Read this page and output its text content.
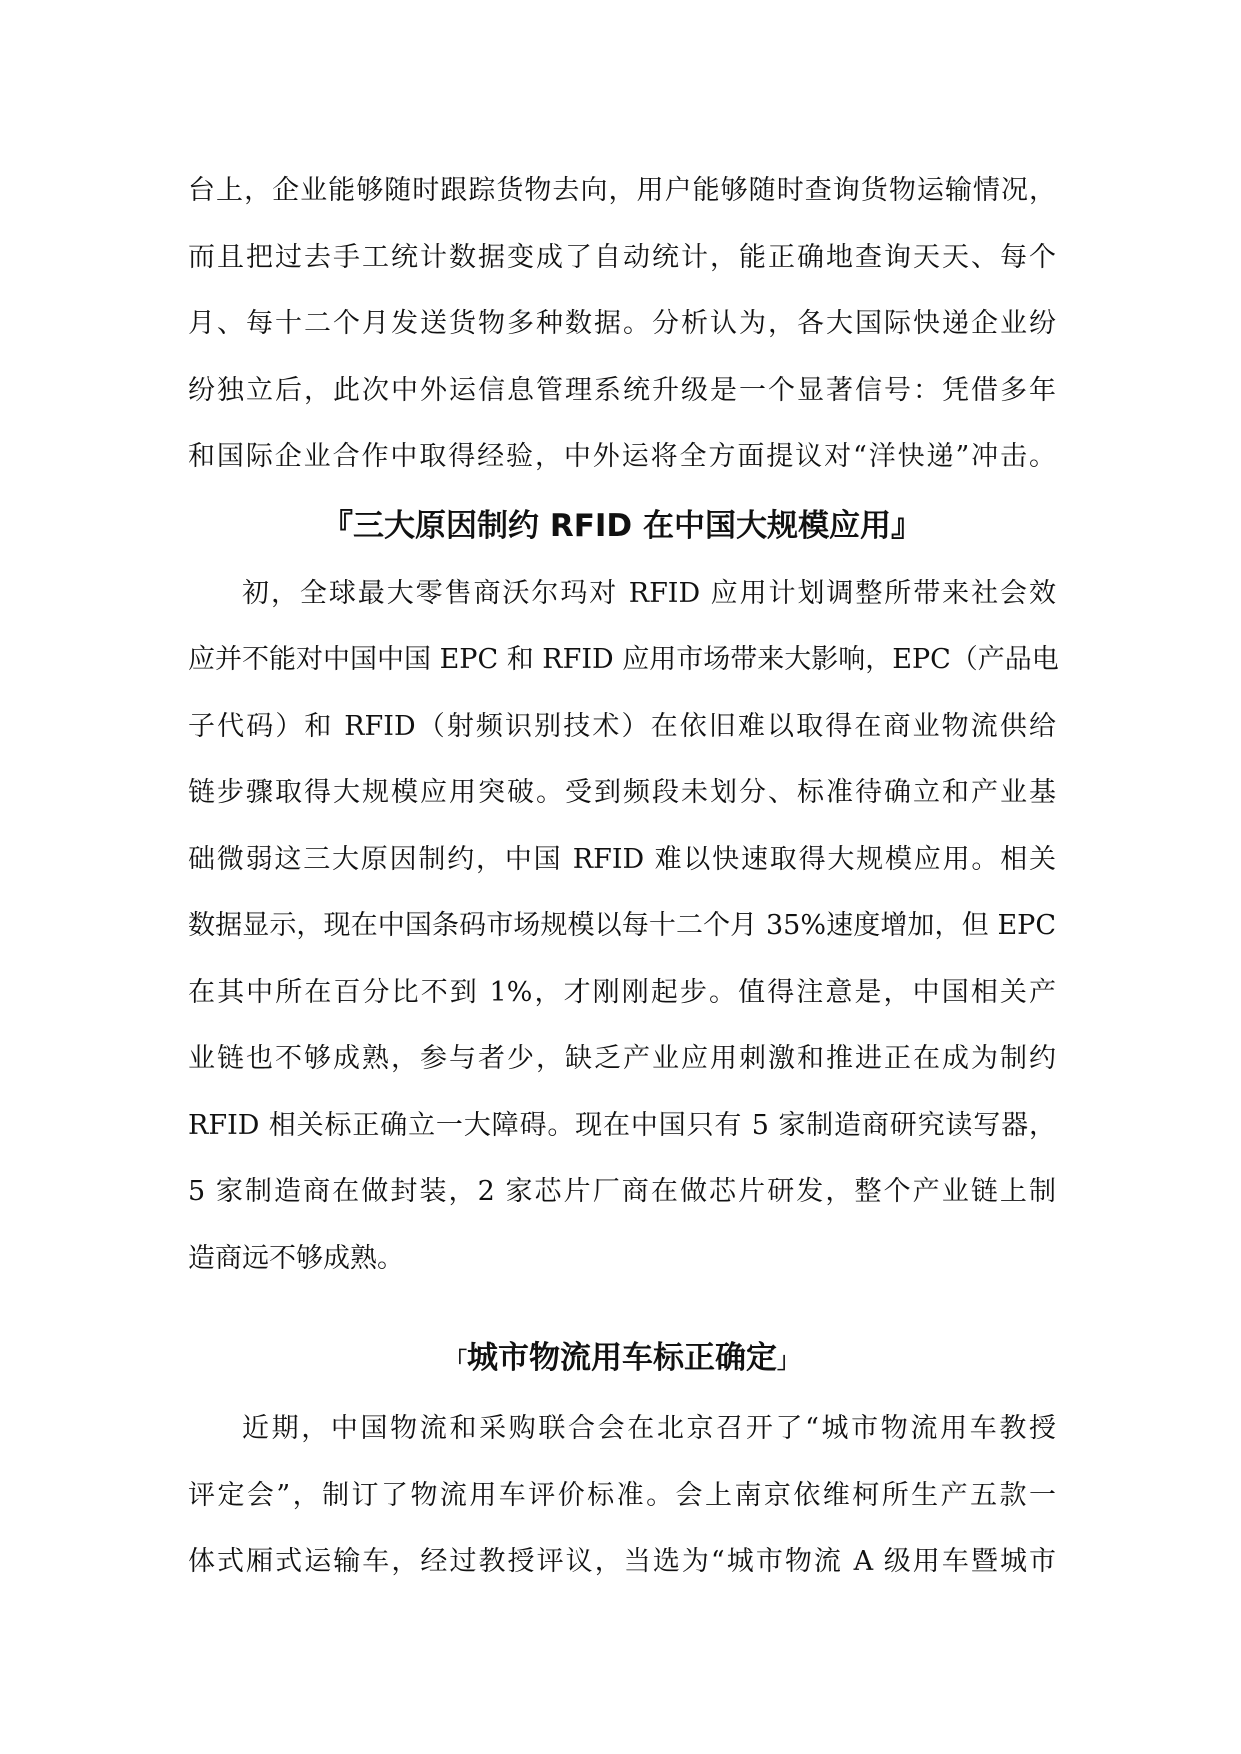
台上，企业能够随时跟踪货物去向，用户能够随时查询货物运输情况，
而且把过去手工统计数据变成了自动统计，能正确地查询天天、每个
月、每十二个月发送货物多种数据。分析认为，各大国际快递企业纷
纷独立后，此次中外运信息管理系统升级是一个显著信号：凭借多年
和国际企业合作中取得经验，中外运将全方面提议对“洋快递”冲击。
『三大原因制约 RFID 在中国大规模应用』
初，全球最大零售商沃尔玛对 RFID 应用计划调整所带来社会效
应并不能对中国中国 EPC 和 RFID 应用市场带来大影响，EPC（产品电
子代码）和 RFID（射频识别技术）在依旧难以取得在商业物流供给
链步骤取得大规模应用突破。受到频段未划分、标准待确立和产业基
础微弱这三大原因制约，中国 RFID 难以快速取得大规模应用。相关
数据显示，现在中国条码市场规模以每十二个月 35%速度增加，但 EPC
在其中所在百分比不到 1%，才刚刚起步。值得注意是，中国相关产
业链也不够成熟，参与者少，缺乏产业应用刺激和推进正在成为制约
RFID 相关标正确立一大障碍。现在中国只有 5 家制造商研究读写器，
5 家制造商在做封装，2 家芯片厂商在做芯片研发，整个产业链上制
造商远不够成熟。
「城市物流用车标正确定」
近期，中国物流和采购联合会在北京召开了“城市物流用车教授
评定会”，制订了物流用车评价标准。会上南京依维柯所生产五款一
体式厢式运输车，经过教授评议，当选为“城市物流 A 级用车暨城市
